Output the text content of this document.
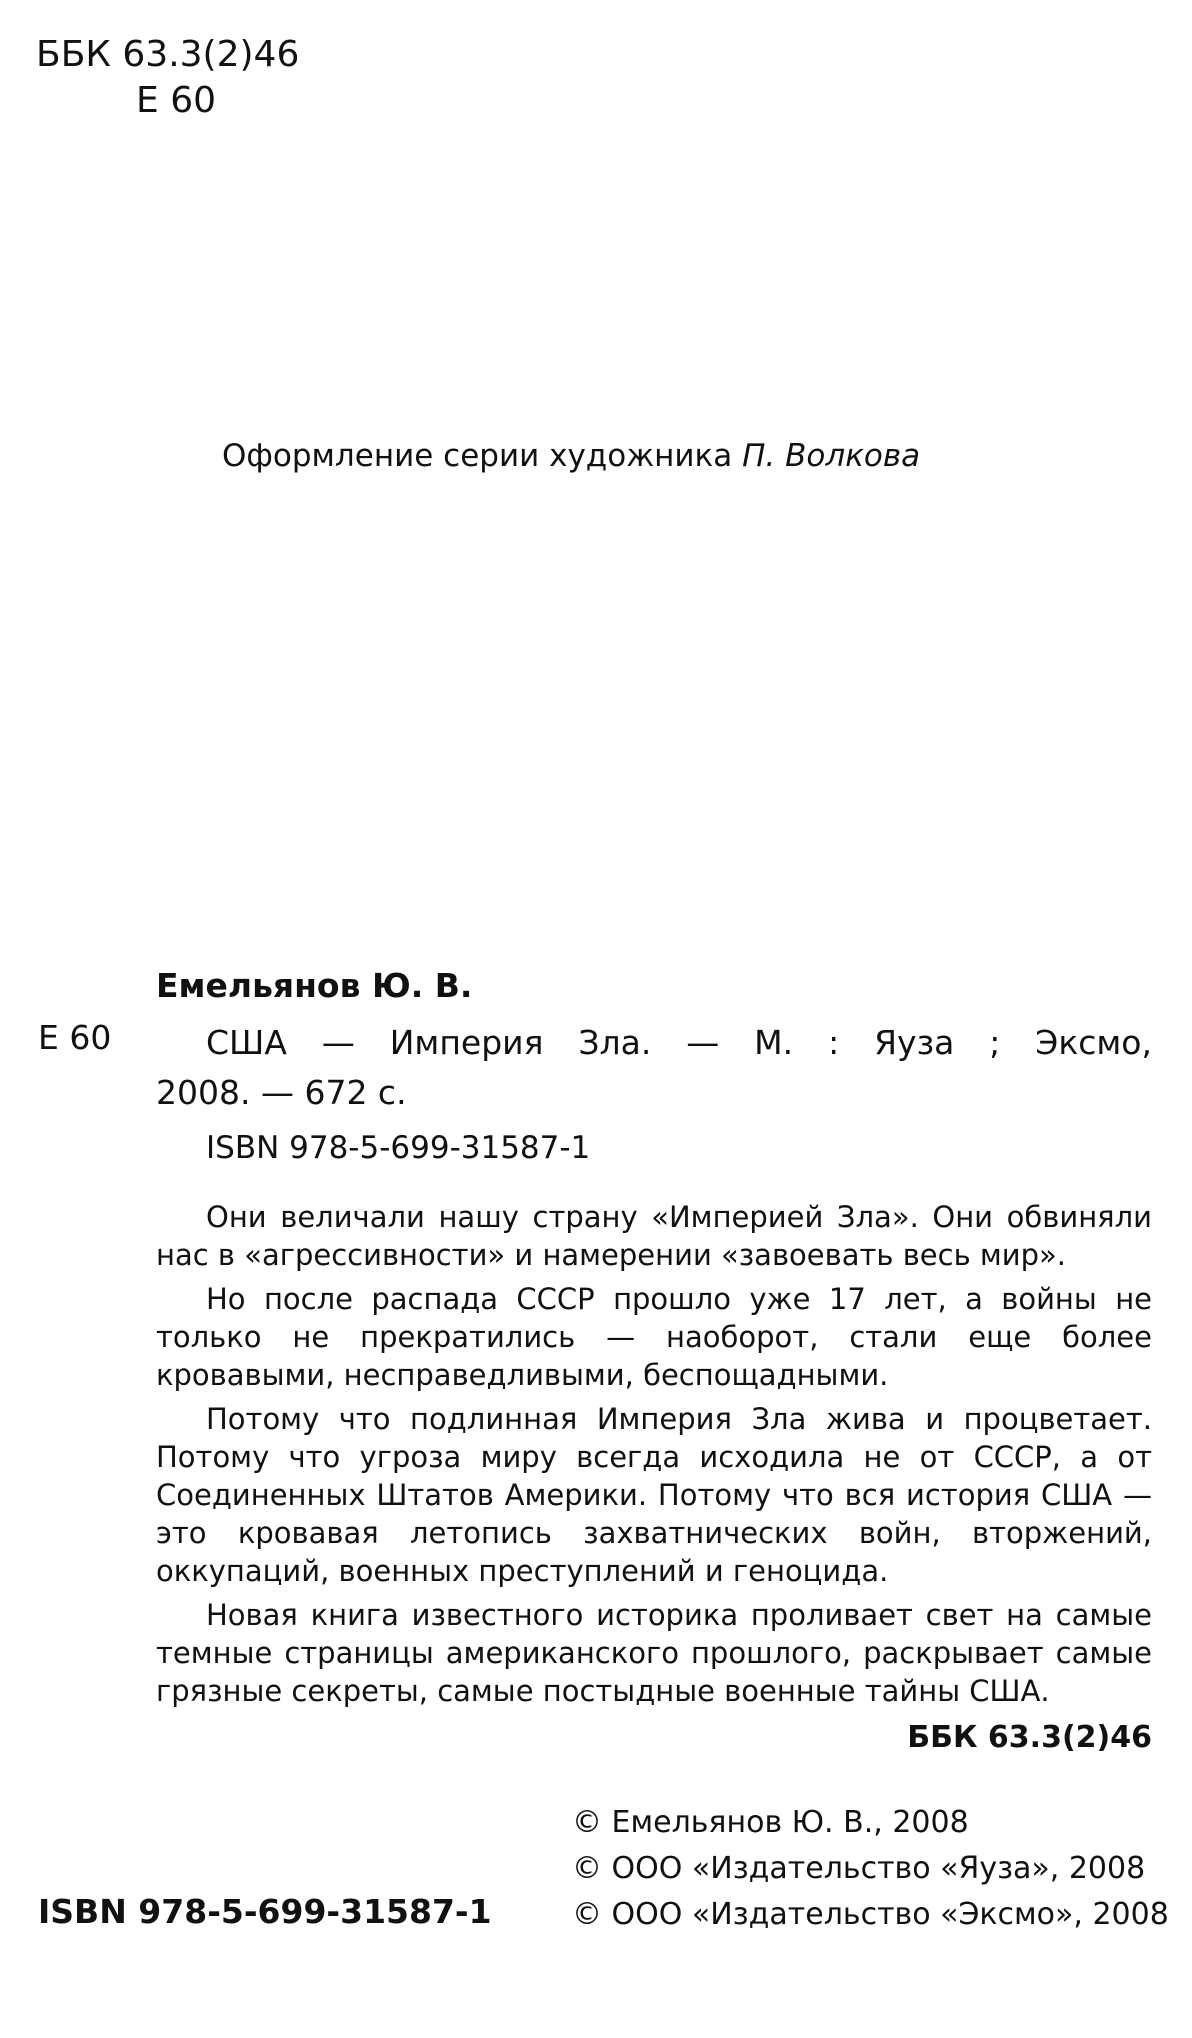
ББК 63.3(2)46
Е 60
Оформление серии художника П. Волкова
Емельянов Ю. В.
Е 60	США — Империя Зла. — М. : Яуза ; Эксмо,
2008. — 672 с.
ISBN 978-5-699-31587-1

Они величали нашу страну «Империей Зла». Они обвиняли нас в «агрессивности» и намерении «завоевать весь мир».

Но после распада СССР прошло уже 17 лет, а войны не только не прекратились — наоборот, стали еще более кровавыми, несправедливыми, беспощадными.

Потому что подлинная Империя Зла жива и процветает. Потому что угроза миру всегда исходила не от СССР, а от Соединенных Штатов Америки. Потому что вся история США — это кровавая летопись захватнических войн, вторжений, оккупаций, военных преступлений и геноцида.

Новая книга известного историка проливает свет на самые темные страницы американского прошлого, раскрывает самые грязные секреты, самые постыдные военные тайны США.

ББК 63.3(2)46
ISBN 978-5-699-31587-1
© Емельянов Ю. В., 2008
© ООО «Издательство «Яуза», 2008
© ООО «Издательство «Эксмо», 2008
